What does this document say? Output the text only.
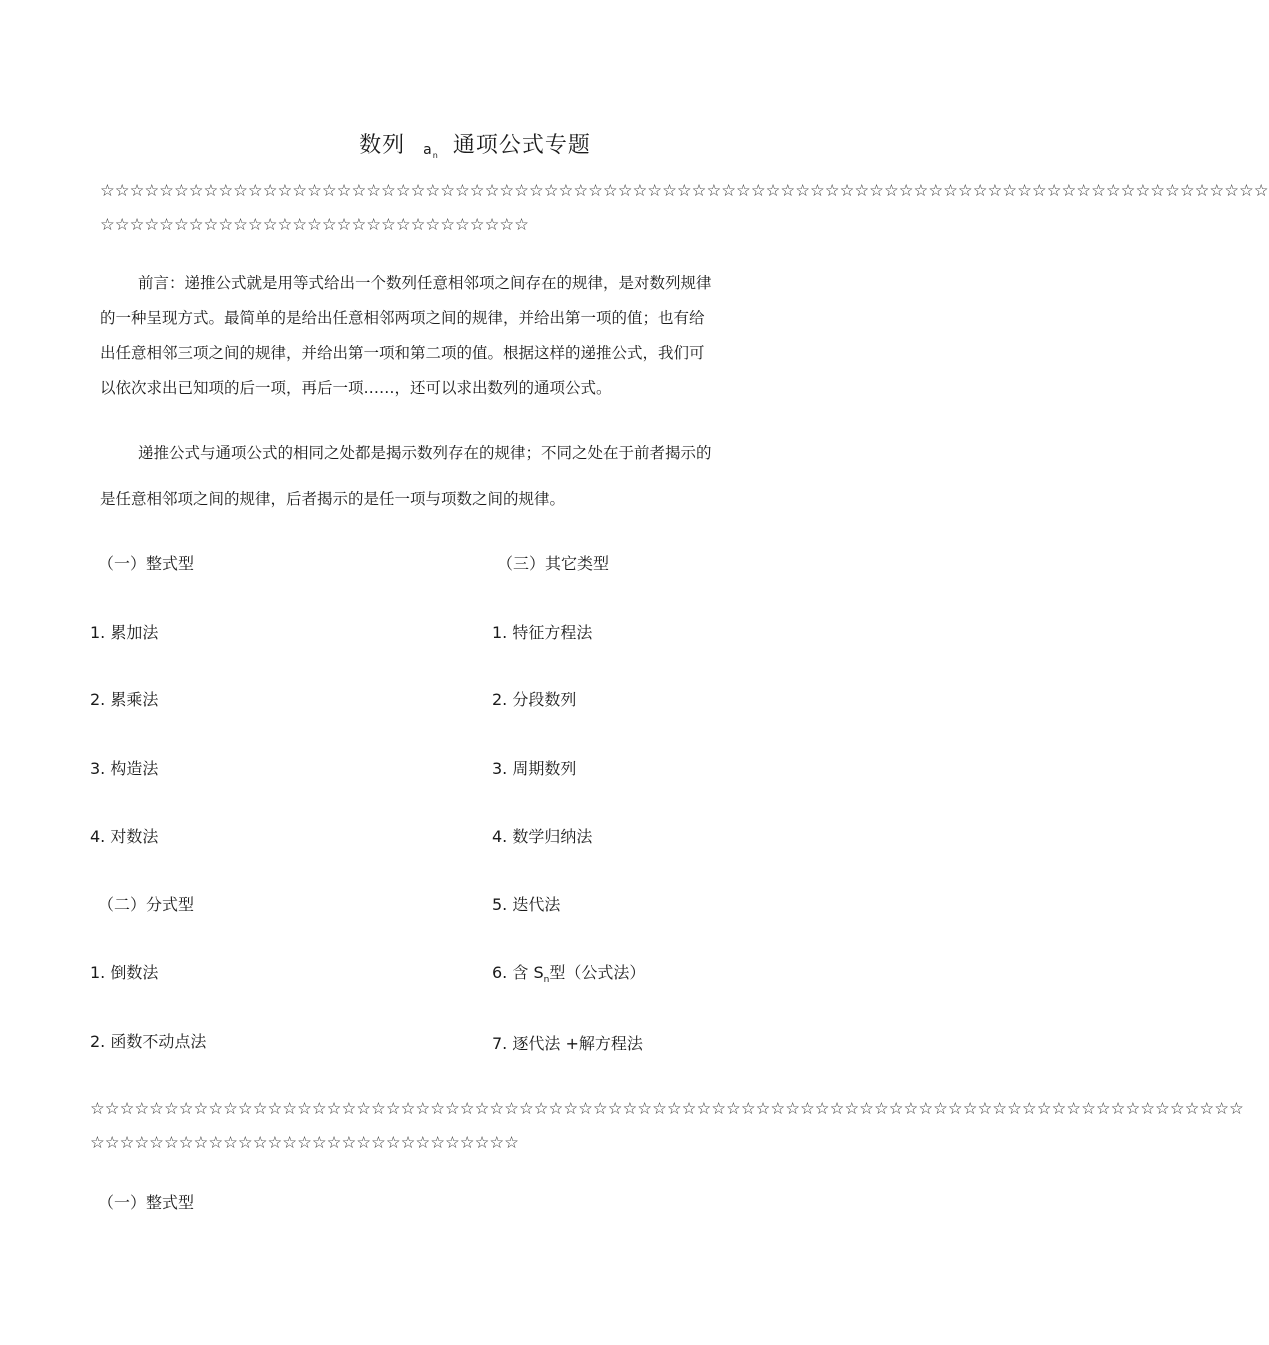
数列 $a_n$ 通项公式专题
☆☆☆☆☆☆☆☆☆☆☆☆☆☆☆☆☆☆☆☆☆☆☆☆☆☆☆☆☆☆☆☆☆☆☆☆☆☆☆☆☆☆☆☆☆☆☆☆☆☆☆☆☆☆☆☆☆☆☆☆☆☆☆☆☆☆☆☆☆☆☆☆☆☆☆☆☆☆☆
☆☆☆☆☆☆☆☆☆☆☆☆☆☆☆☆☆☆☆☆☆☆☆☆☆☆☆☆☆
前言：递推公式就是用等式给出一个数列任意相邻项之间存在的规律，是对数列规律
的一种呈现方式。最简单的是给出任意相邻两项之间的规律，并给出第一项的值；也有给
出任意相邻三项之间的规律，并给出第一项和第二项的值。根据这样的递推公式，我们可
以依次求出已知项的后一项，再后一项……，还可以求出数列的通项公式。
递推公式与通项公式的相同之处都是揭示数列存在的规律；不同之处在于前者揭示的
是任意相邻项之间的规律，后者揭示的是任一项与项数之间的规律。
（一）整式型
1. 累加法
2. 累乘法
3. 构造法
4. 对数法
（二）分式型
1. 倒数法
2. 函数不动点法
（三）其它类型
1. 特征方程法
2. 分段数列
3. 周期数列
4. 数学归纳法
5. 迭代法
6. 含 $S_n$型（公式法）
7. 逐代法 +解方程法
☆☆☆☆☆☆☆☆☆☆☆☆☆☆☆☆☆☆☆☆☆☆☆☆☆☆☆☆☆☆☆☆☆☆☆☆☆☆☆☆☆☆☆☆☆☆☆☆☆☆☆☆☆☆☆☆☆☆☆☆☆☆☆☆☆☆☆☆☆☆☆☆☆☆☆☆☆☆
☆☆☆☆☆☆☆☆☆☆☆☆☆☆☆☆☆☆☆☆☆☆☆☆☆☆☆☆☆
（一）整式型
